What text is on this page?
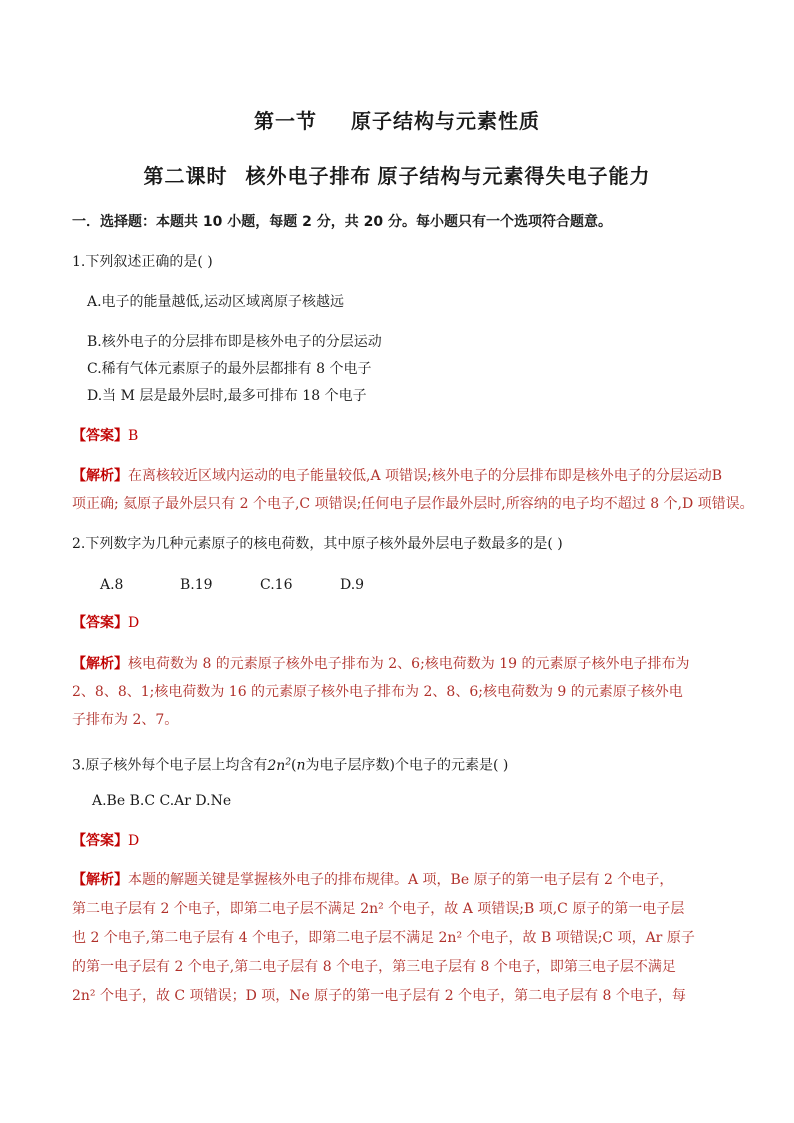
第一节 原子结构与元素性质
第二课时 核外电子排布 原子结构与元素得失电子能力
一．选择题：本题共 10 小题，每题 2 分，共 20 分。每小题只有一个选项符合题意。
1.下列叙述正确的是( )
A.电子的能量越低,运动区域离原子核越远
B.核外电子的分层排布即是核外电子的分层运动
C.稀有气体元素原子的最外层都排有 8 个电子
D.当 M 层是最外层时,最多可排布 18 个电子
【答案】B
【解析】在离核较近区域内运动的电子能量较低,A 项错误;核外电子的分层排布即是核外电子的分层运动B
项正确; 氦原子最外层只有 2 个电子,C 项错误;任何电子层作最外层时,所容纳的电子均不超过 8 个,D 项错误。
2.下列数字为几种元素原子的核电荷数，其中原子核外最外层电子数最多的是( )
A.8	B.19	C.16	D.9
【答案】D
【解析】核电荷数为 8 的元素原子核外电子排布为 2、6;核电荷数为 19 的元素原子核外电子排布为
2、8、8、1;核电荷数为 16 的元素原子核外电子排布为 2、8、6;核电荷数为 9 的元素原子核外电
子排布为 2、7。
3.原子核外每个电子层上均含有$2n^2(n$为电子层序数)个电子的元素是( )
A.Be B.C C.Ar D.Ne
【答案】D
【解析】本题的解题关键是掌握核外电子的排布规律。A 项，Be 原子的第一电子层有 2 个电子，
第二电子层有 2 个电子，即第二电子层不满足 2n² 个电子，故 A 项错误;B 项,C 原子的第一电子层
也 2 个电子,第二电子层有 4 个电子，即第二电子层不满足 2n² 个电子，故 B 项错误;C 项，Ar 原子
的第一电子层有 2 个电子,第二电子层有 8 个电子，第三电子层有 8 个电子，即第三电子层不满足
2n² 个电子，故 C 项错误；D 项，Ne 原子的第一电子层有 2 个电子，第二电子层有 8 个电子，每
